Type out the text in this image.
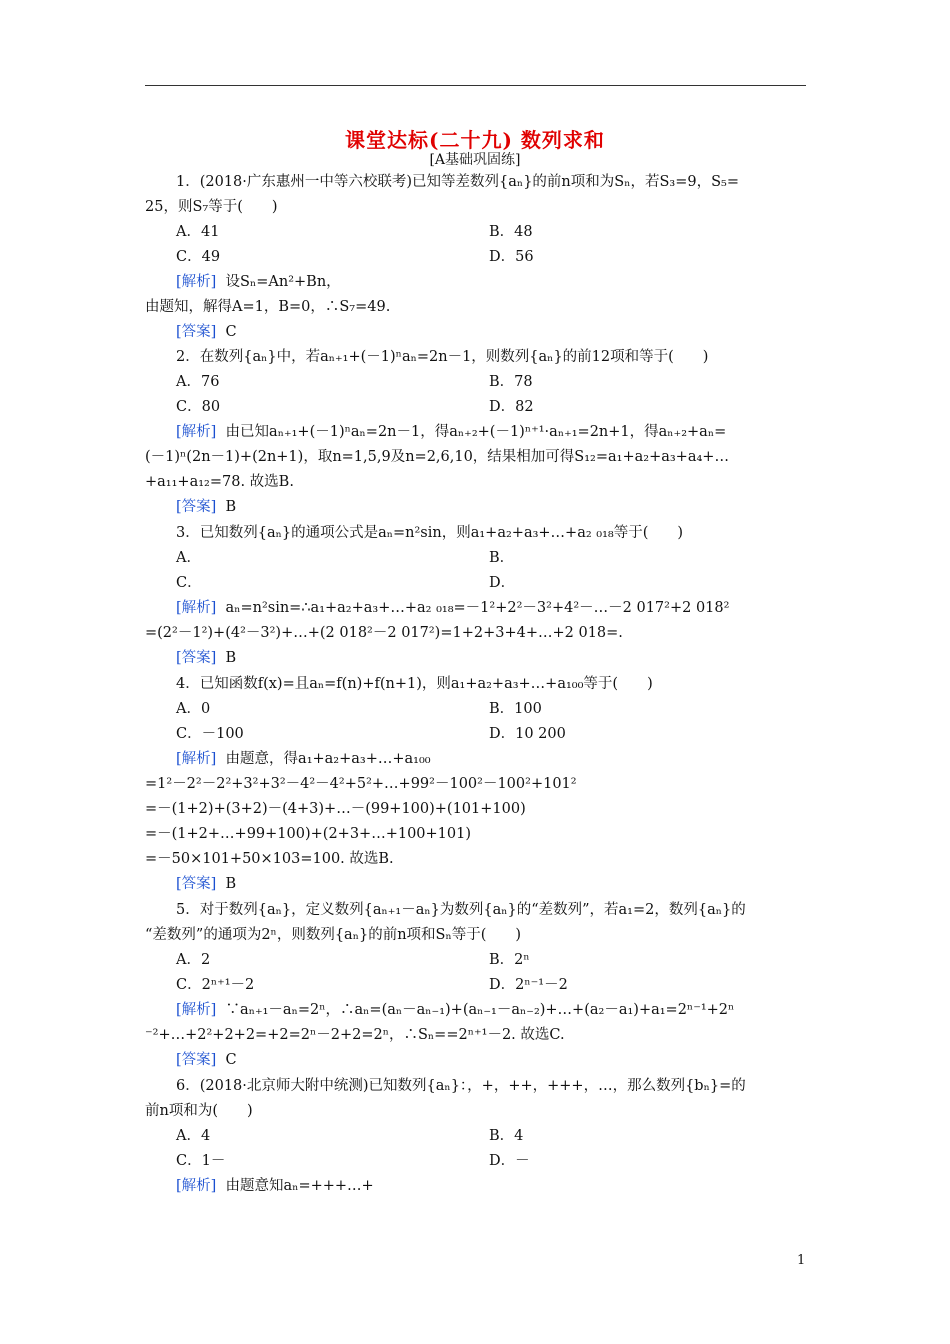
课堂达标(二十九) 数列求和
[A基础巩固练]
1．(2018·广东惠州一中等六校联考)已知等差数列{aₙ}的前n项和为Sₙ，若S₃=9，S₅=
25，则S₇等于(　　)
A．41	B．48
C．49	D．56
[解析] 设Sₙ=An²+Bn，
由题知，解得A=1，B=0，∴S₇=49.
[答案] C
2．在数列{aₙ}中，若aₙ₊₁+(－1)ⁿaₙ=2n－1，则数列{aₙ}的前12项和等于(　　)
A．76	B．78
C．80	D．82
[解析] 由已知aₙ₊₁+(－1)ⁿaₙ=2n－1，得aₙ₊₂+(－1)ⁿ⁺¹·aₙ₊₁=2n+1，得aₙ₊₂+aₙ=
(－1)ⁿ(2n－1)+(2n+1)，取n=1,5,9及n=2,6,10，结果相加可得S₁₂=a₁+a₂+a₃+a₄+…
+a₁₁+a₁₂=78. 故选B.
[答案] B
3．已知数列{aₙ}的通项公式是aₙ=n²sin，则a₁+a₂+a₃+…+a₂ ₀₁₈等于(　　)
A．	B．
C．	D．
[解析] aₙ=n²sin=∴a₁+a₂+a₃+…+a₂ ₀₁₈=－1²+2²－3²+4²－…－2 017²+2 018²
=(2²－1²)+(4²－3²)+…+(2 018²－2 017²)=1+2+3+4+…+2 018=.
[答案] B
4．已知函数f(x)=且aₙ=f(n)+f(n+1)，则a₁+a₂+a₃+…+a₁₀₀等于(　　)
A．0	B．100
C．－100	D．10 200
[解析] 由题意，得a₁+a₂+a₃+…+a₁₀₀
=1²－2²－2²+3²+3²－4²－4²+5²+…+99²－100²－100²+101²
=－(1+2)+(3+2)－(4+3)+…－(99+100)+(101+100)
=－(1+2+…+99+100)+(2+3+…+100+101)
=－50×101+50×103=100. 故选B.
[答案] B
5．对于数列{aₙ}，定义数列{aₙ₊₁－aₙ}为数列{aₙ}的“差数列”，若a₁=2，数列{aₙ}的
“差数列”的通项为2ⁿ，则数列{aₙ}的前n项和Sₙ等于(　　)
A．2	B．2ⁿ
C．2ⁿ⁺¹－2	D．2ⁿ⁻¹－2
[解析] ∵aₙ₊₁－aₙ=2ⁿ，∴aₙ=(aₙ－aₙ₋₁)+(aₙ₋₁－aₙ₋₂)+…+(a₂－a₁)+a₁=2ⁿ⁻¹+2ⁿ
⁻²+…+2²+2+2=+2=2ⁿ－2+2=2ⁿ，∴Sₙ==2ⁿ⁺¹－2. 故选C.
[答案] C
6．(2018·北京师大附中统测)已知数列{aₙ}：，+，++，+++，…，那么数列{bₙ}=的
前n项和为(　　)
A．4	B．4
C．1－	D．－
[解析] 由题意知aₙ=+++…+
1
